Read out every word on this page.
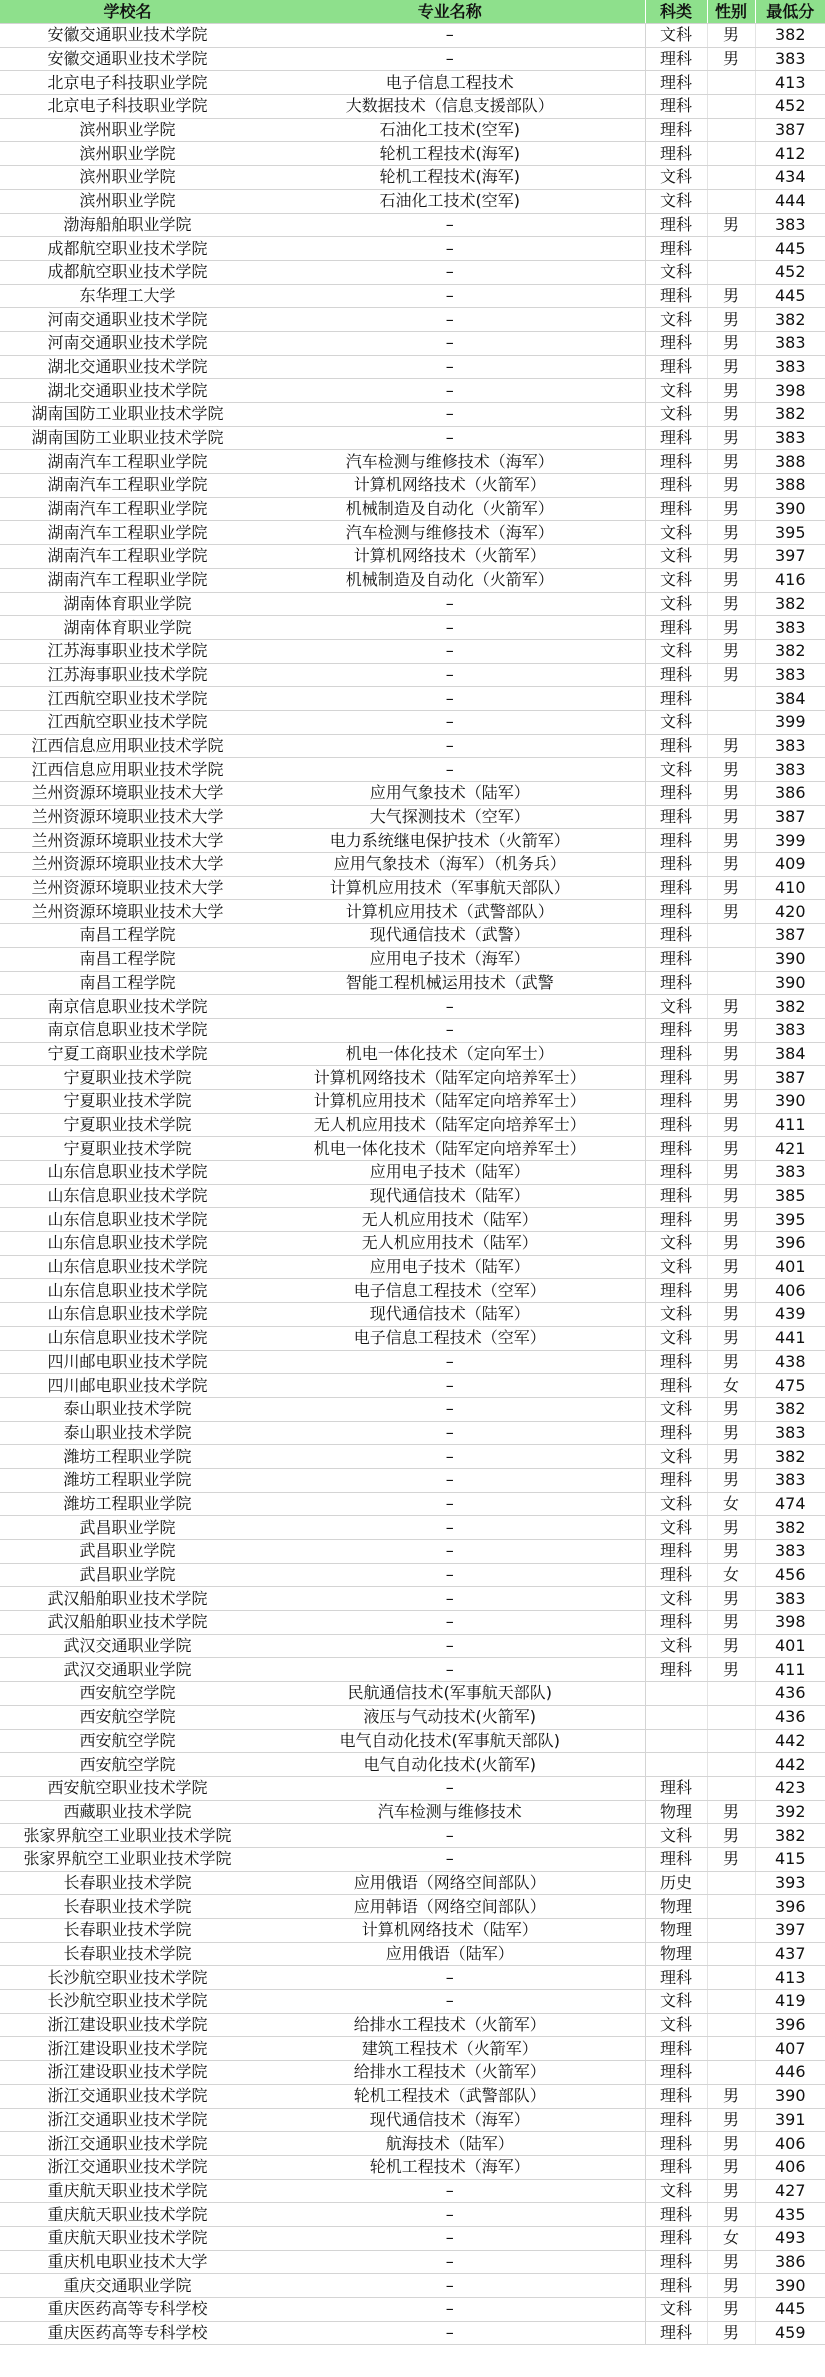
学校名	专业名称	科类	性别	最低分
安徽交通职业技术学院	–	文科	男	382
安徽交通职业技术学院	–	理科	男	383
北京电子科技职业学院	电子信息工程技术	理科		413
北京电子科技职业学院	大数据技术（信息支援部队）	理科		452
滨州职业学院	石油化工技术(空军)	理科		387
滨州职业学院	轮机工程技术(海军)	理科		412
滨州职业学院	轮机工程技术(海军)	文科		434
滨州职业学院	石油化工技术(空军)	文科		444
渤海船舶职业学院	–	理科	男	383
成都航空职业技术学院	–	理科		445
成都航空职业技术学院	–	文科		452
东华理工大学	–	理科	男	445
河南交通职业技术学院	–	文科	男	382
河南交通职业技术学院	–	理科	男	383
湖北交通职业技术学院	–	理科	男	383
湖北交通职业技术学院	–	文科	男	398
湖南国防工业职业技术学院	–	文科	男	382
湖南国防工业职业技术学院	–	理科	男	383
湖南汽车工程职业学院	汽车检测与维修技术（海军）	理科	男	388
湖南汽车工程职业学院	计算机网络技术（火箭军）	理科	男	388
湖南汽车工程职业学院	机械制造及自动化（火箭军）	理科	男	390
湖南汽车工程职业学院	汽车检测与维修技术（海军）	文科	男	395
湖南汽车工程职业学院	计算机网络技术（火箭军）	文科	男	397
湖南汽车工程职业学院	机械制造及自动化（火箭军）	文科	男	416
湖南体育职业学院	–	文科	男	382
湖南体育职业学院	–	理科	男	383
江苏海事职业技术学院	–	文科	男	382
江苏海事职业技术学院	–	理科	男	383
江西航空职业技术学院	–	理科		384
江西航空职业技术学院	–	文科		399
江西信息应用职业技术学院	–	理科	男	383
江西信息应用职业技术学院	–	文科	男	383
兰州资源环境职业技术大学	应用气象技术（陆军）	理科	男	386
兰州资源环境职业技术大学	大气探测技术（空军）	理科	男	387
兰州资源环境职业技术大学	电力系统继电保护技术（火箭军）	理科	男	399
兰州资源环境职业技术大学	应用气象技术（海军）（机务兵）	理科	男	409
兰州资源环境职业技术大学	计算机应用技术（军事航天部队）	理科	男	410
兰州资源环境职业技术大学	计算机应用技术（武警部队）	理科	男	420
南昌工程学院	现代通信技术（武警）	理科		387
南昌工程学院	应用电子技术（海军）	理科		390
南昌工程学院	智能工程机械运用技术（武警	理科		390
南京信息职业技术学院	–	文科	男	382
南京信息职业技术学院	–	理科	男	383
宁夏工商职业技术学院	机电一体化技术（定向军士）	理科	男	384
宁夏职业技术学院	计算机网络技术（陆军定向培养军士）	理科	男	387
宁夏职业技术学院	计算机应用技术（陆军定向培养军士）	理科	男	390
宁夏职业技术学院	无人机应用技术（陆军定向培养军士）	理科	男	411
宁夏职业技术学院	机电一体化技术（陆军定向培养军士）	理科	男	421
山东信息职业技术学院	应用电子技术（陆军）	理科	男	383
山东信息职业技术学院	现代通信技术（陆军）	理科	男	385
山东信息职业技术学院	无人机应用技术（陆军）	理科	男	395
山东信息职业技术学院	无人机应用技术（陆军）	文科	男	396
山东信息职业技术学院	应用电子技术（陆军）	文科	男	401
山东信息职业技术学院	电子信息工程技术（空军）	理科	男	406
山东信息职业技术学院	现代通信技术（陆军）	文科	男	439
山东信息职业技术学院	电子信息工程技术（空军）	文科	男	441
四川邮电职业技术学院	–	理科	男	438
四川邮电职业技术学院	–	理科	女	475
泰山职业技术学院	–	文科	男	382
泰山职业技术学院	–	理科	男	383
潍坊工程职业学院	–	文科	男	382
潍坊工程职业学院	–	理科	男	383
潍坊工程职业学院	–	文科	女	474
武昌职业学院	–	文科	男	382
武昌职业学院	–	理科	男	383
武昌职业学院	–	理科	女	456
武汉船舶职业技术学院	–	文科	男	383
武汉船舶职业技术学院	–	理科	男	398
武汉交通职业学院	–	文科	男	401
武汉交通职业学院	–	理科	男	411
西安航空学院	民航通信技术(军事航天部队)			436
西安航空学院	液压与气动技术(火箭军)			436
西安航空学院	电气自动化技术(军事航天部队)			442
西安航空学院	电气自动化技术(火箭军)			442
西安航空职业技术学院	–	理科		423
西藏职业技术学院	汽车检测与维修技术	物理	男	392
张家界航空工业职业技术学院	–	文科	男	382
张家界航空工业职业技术学院	–	理科	男	415
长春职业技术学院	应用俄语（网络空间部队）	历史		393
长春职业技术学院	应用韩语（网络空间部队）	物理		396
长春职业技术学院	计算机网络技术（陆军）	物理		397
长春职业技术学院	应用俄语（陆军）	物理		437
长沙航空职业技术学院	–	理科		413
长沙航空职业技术学院	–	文科		419
浙江建设职业技术学院	给排水工程技术（火箭军）	文科		396
浙江建设职业技术学院	建筑工程技术（火箭军）	理科		407
浙江建设职业技术学院	给排水工程技术（火箭军）	理科		446
浙江交通职业技术学院	轮机工程技术（武警部队）	理科	男	390
浙江交通职业技术学院	现代通信技术（海军）	理科	男	391
浙江交通职业技术学院	航海技术（陆军）	理科	男	406
浙江交通职业技术学院	轮机工程技术（海军）	理科	男	406
重庆航天职业技术学院	–	文科	男	427
重庆航天职业技术学院	–	理科	男	435
重庆航天职业技术学院	–	理科	女	493
重庆机电职业技术大学	–	理科	男	386
重庆交通职业学院	–	理科	男	390
重庆医药高等专科学校	–	文科	男	445
重庆医药高等专科学校	–	理科	男	459
